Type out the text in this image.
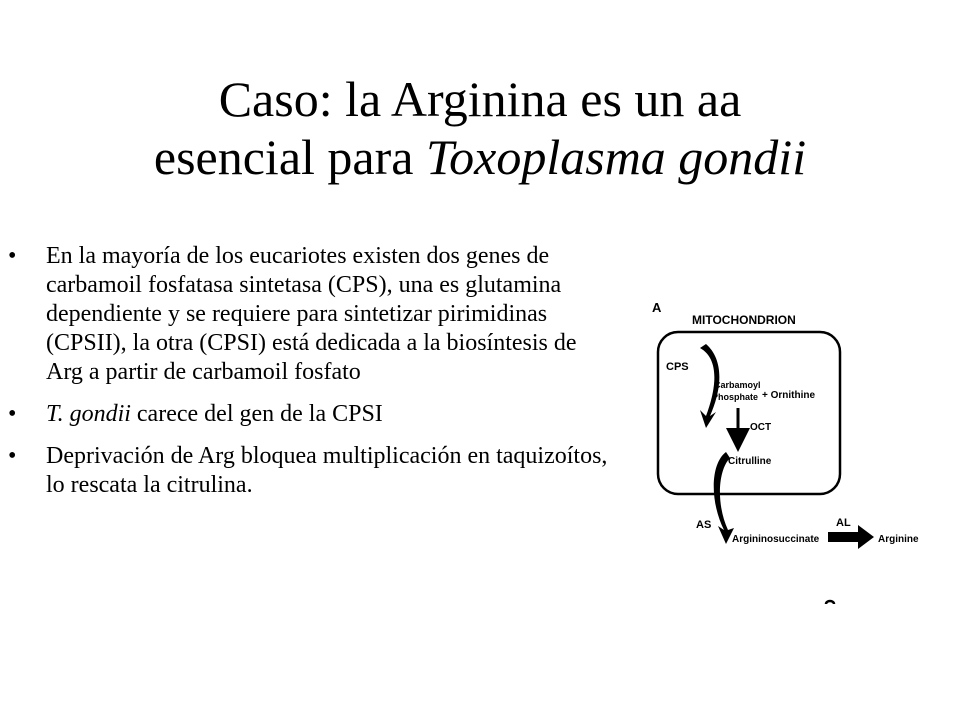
Caso: la Arginina es un aa
esencial para Toxoplasma gondii
• En la mayoría de los eucariotes existen dos genes de carbamoil fosfatasa sintetasa (CPS), una es glutamina dependiente y se requiere para sintetizar pirimidinas (CPSII), la otra (CPSI) está dedicada a la biosíntesis de Arg a partir de carbamoil fosfato
• T. gondii carece del gen de la CPSI
• Deprivación de Arg bloquea multiplicación en taquizoítos, lo rescata la citrulina.
A
MITOCHONDRION
CPS
Carbamoyl
Phosphate + Ornithine
OCT
Citrulline
AS
Argininosuccinate
AL
Arginine
